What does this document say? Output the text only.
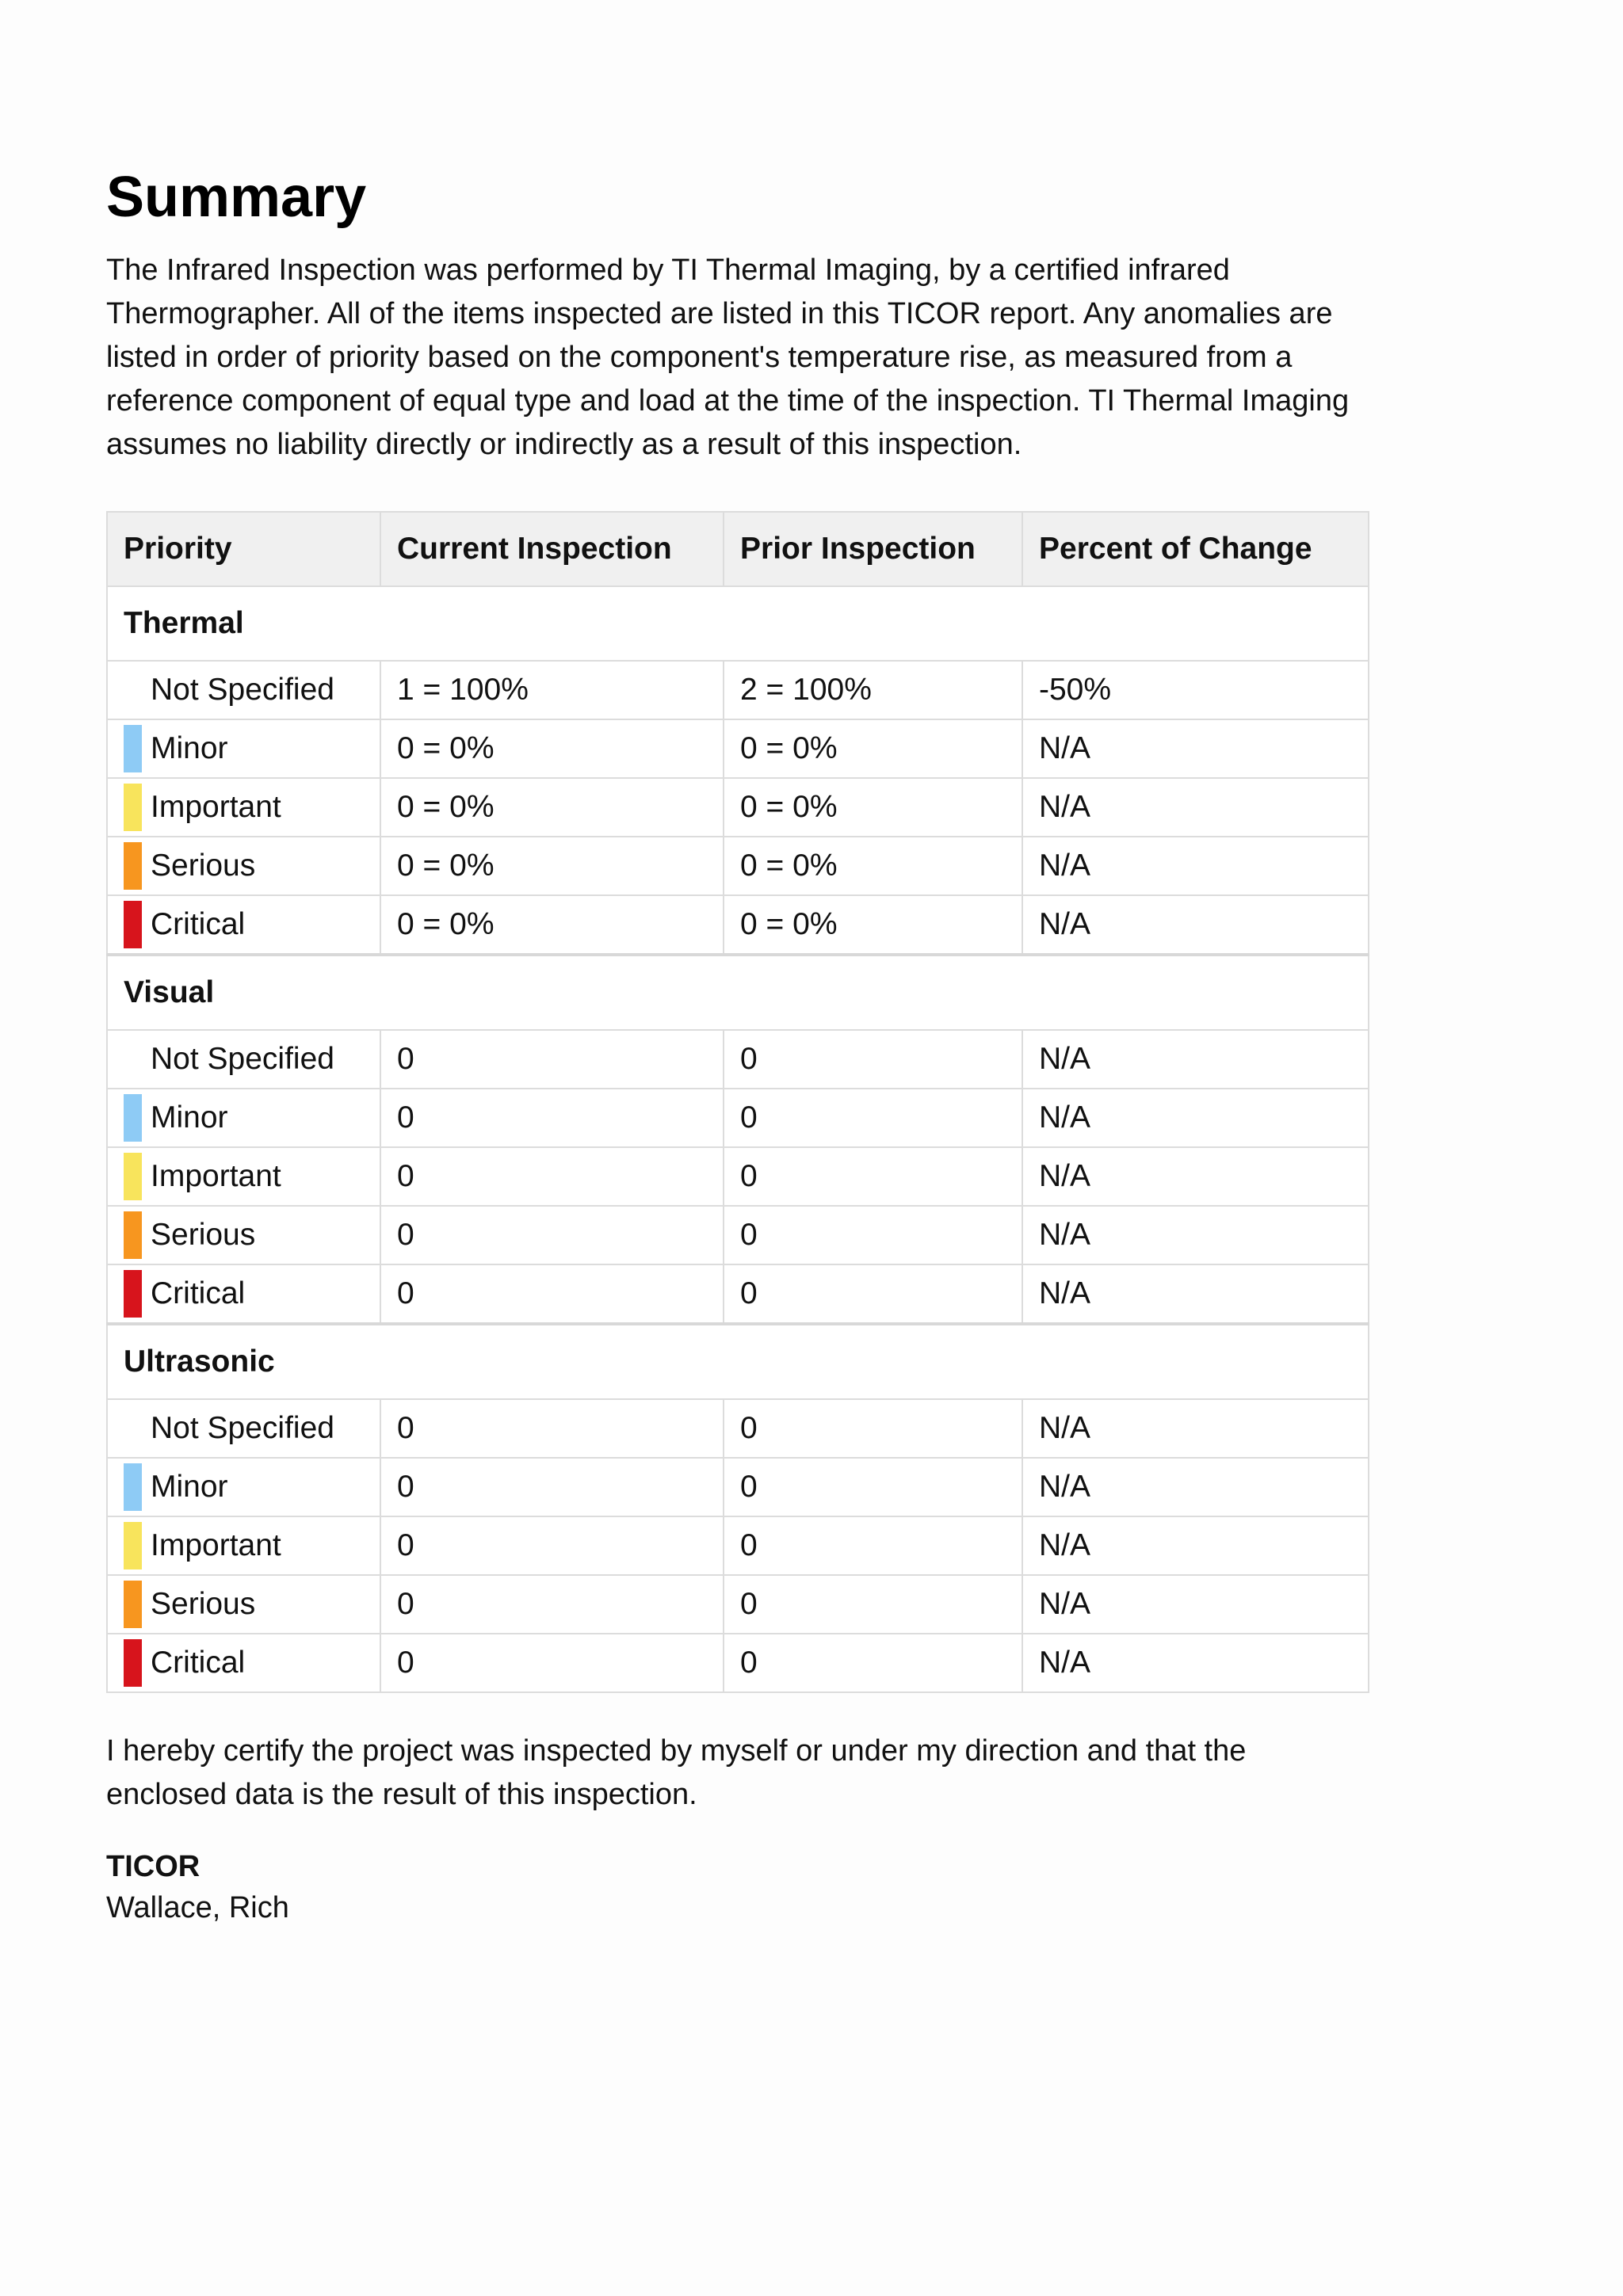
Summary

The Infrared Inspection was performed by TI Thermal Imaging, by a certified infrared Thermographer. All of the items inspected are listed in this TICOR report. Any anomalies are listed in order of priority based on the component's temperature rise, as measured from a reference component of equal type and load at the time of the inspection. TI Thermal Imaging assumes no liability directly or indirectly as a result of this inspection.

Priority	Current Inspection	Prior Inspection	Percent of Change
Thermal			

Not Specified	1 = 100%	2 = 100%	-50%

Minor	0 = 0%	0 = 0%	N/A

Important	0 = 0%	0 = 0%	N/A

Serious	0 = 0%	0 = 0%	N/A

Critical	0 = 0%	0 = 0%	N/A
Visual			

Not Specified	0	0	N/A

Minor	0	0	N/A

Important	0	0	N/A

Serious	0	0	N/A

Critical	0	0	N/A
Ultrasonic			

Not Specified	0	0	N/A

Minor	0	0	N/A

Important	0	0	N/A

Serious	0	0	N/A

Critical	0	0	N/A

I hereby certify the project was inspected by myself or under my direction and that the enclosed data is the result of this inspection.

TICOR
Wallace, Rich
